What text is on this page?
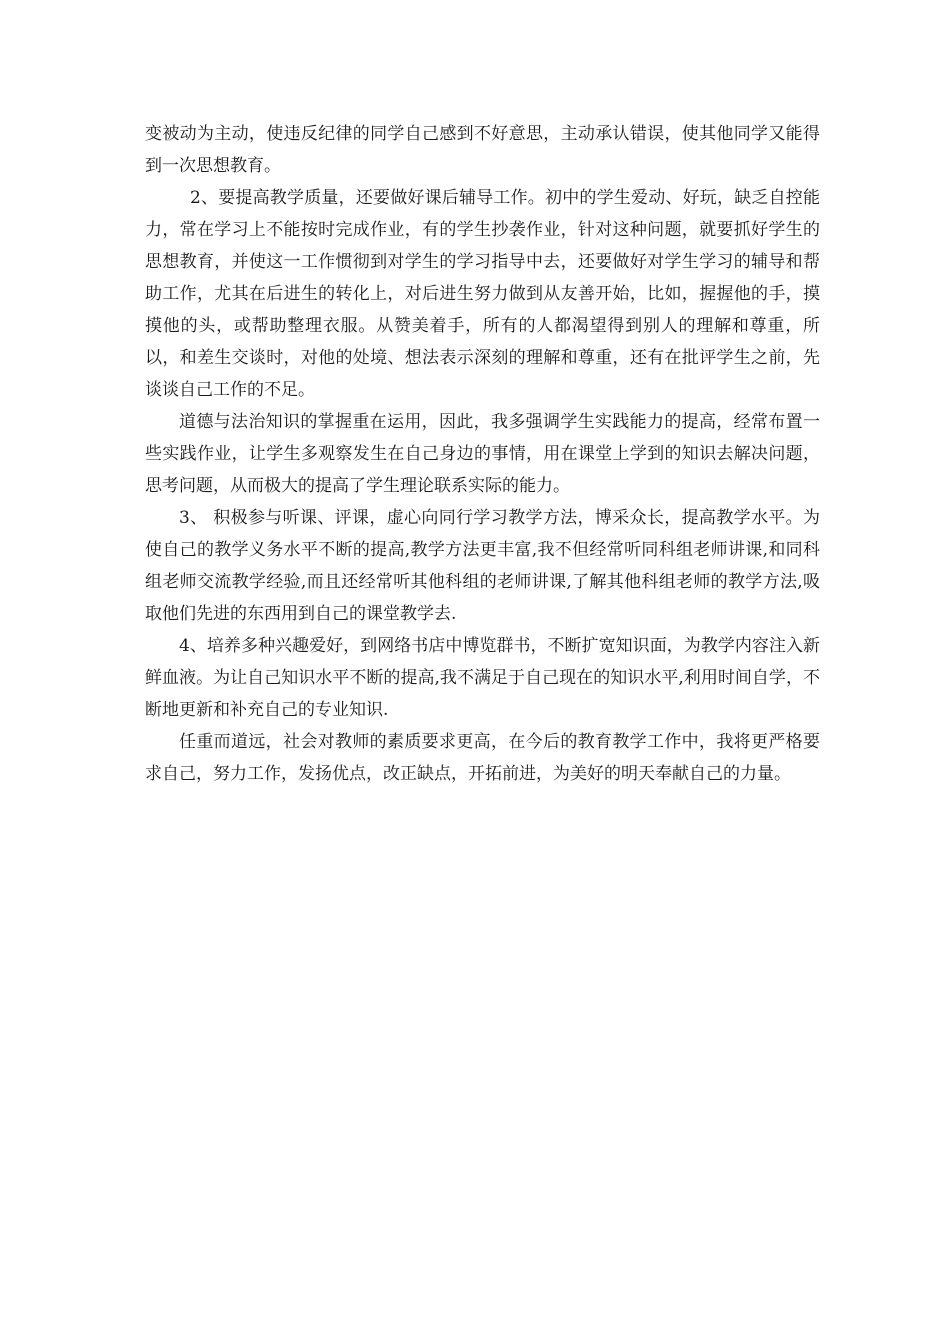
变被动为主动，使违反纪律的同学自己感到不好意思，主动承认错误，使其他同学又能得到一次思想教育。

2、要提高教学质量，还要做好课后辅导工作。初中的学生爱动、好玩，缺乏自控能力，常在学习上不能按时完成作业，有的学生抄袭作业，针对这种问题，就要抓好学生的思想教育，并使这一工作惯彻到对学生的学习指导中去，还要做好对学生学习的辅导和帮助工作，尤其在后进生的转化上，对后进生努力做到从友善开始，比如，握握他的手，摸摸他的头，或帮助整理衣服。从赞美着手，所有的人都渴望得到别人的理解和尊重，所以，和差生交谈时，对他的处境、想法表示深刻的理解和尊重，还有在批评学生之前，先谈谈自己工作的不足。

道德与法治知识的掌握重在运用，因此，我多强调学生实践能力的提高，经常布置一些实践作业，让学生多观察发生在自己身边的事情，用在课堂上学到的知识去解决问题，思考问题，从而极大的提高了学生理论联系实际的能力。

3、 积极参与听课、评课，虚心向同行学习教学方法，博采众长，提高教学水平。为使自己的教学义务水平不断的提高,教学方法更丰富,我不但经常听同科组老师讲课,和同科组老师交流教学经验,而且还经常听其他科组的老师讲课,了解其他科组老师的教学方法,吸取他们先进的东西用到自己的课堂教学去.

4、培养多种兴趣爱好，到网络书店中博览群书，不断扩宽知识面，为教学内容注入新鲜血液。为让自己知识水平不断的提高,我不满足于自己现在的知识水平,利用时间自学，不断地更新和补充自己的专业知识.

任重而道远，社会对教师的素质要求更高，在今后的教育教学工作中，我将更严格要求自己，努力工作，发扬优点，改正缺点，开拓前进，为美好的明天奉献自己的力量。
